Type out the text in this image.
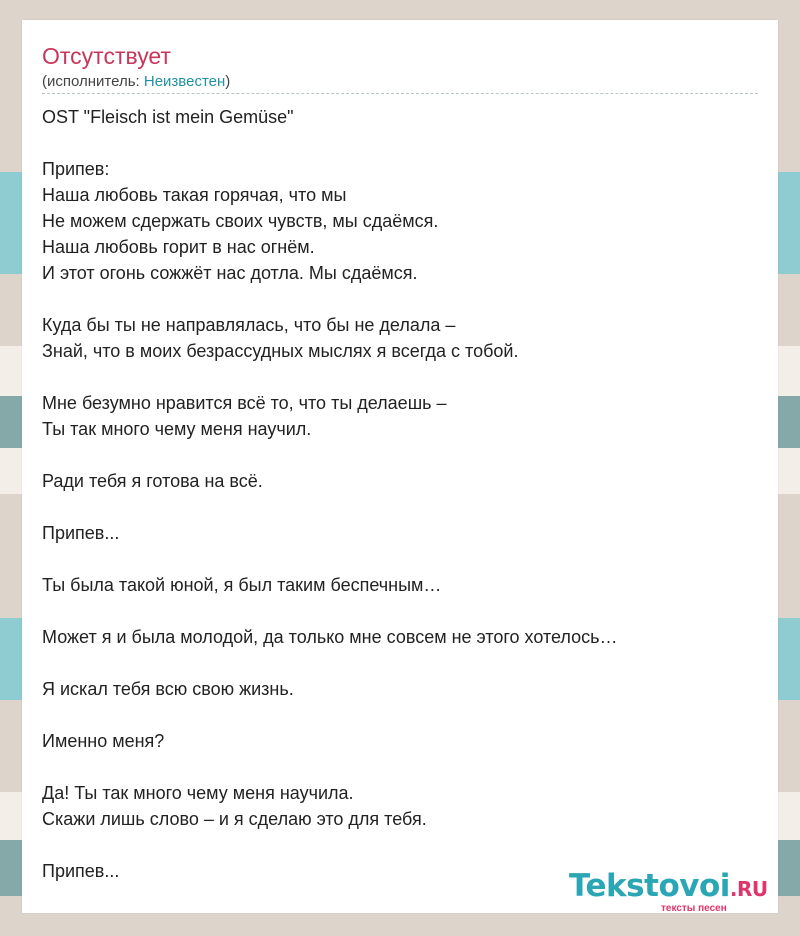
Отсутствует
(исполнитель: Неизвестен)
OST "Fleisch ist mein Gemüse"
Припев:
Наша любовь такая горячая, что мы
Не можем сдержать своих чувств, мы сдаёмся.
Наша любовь горит в нас огнём.
И этот огонь сожжёт нас дотла. Мы сдаёмся.
Куда бы ты не направлялась, что бы не делала –
Знай, что в моих безрассудных мыслях я всегда с тобой.
Мне безумно нравится всё то, что ты делаешь –
Ты так много чему меня научил.
Ради тебя я готова на всё.
Припев...
Ты была такой юной, я был таким беспечным…
Может я и была молодой, да только мне совсем не этого хотелось…
Я искал тебя всю свою жизнь.
Именно меня?
Да! Ты так много чему меня научила.
Скажи лишь слово – и я сделаю это для тебя.
Припев...	Tekstovoi.RU
тексты песен
